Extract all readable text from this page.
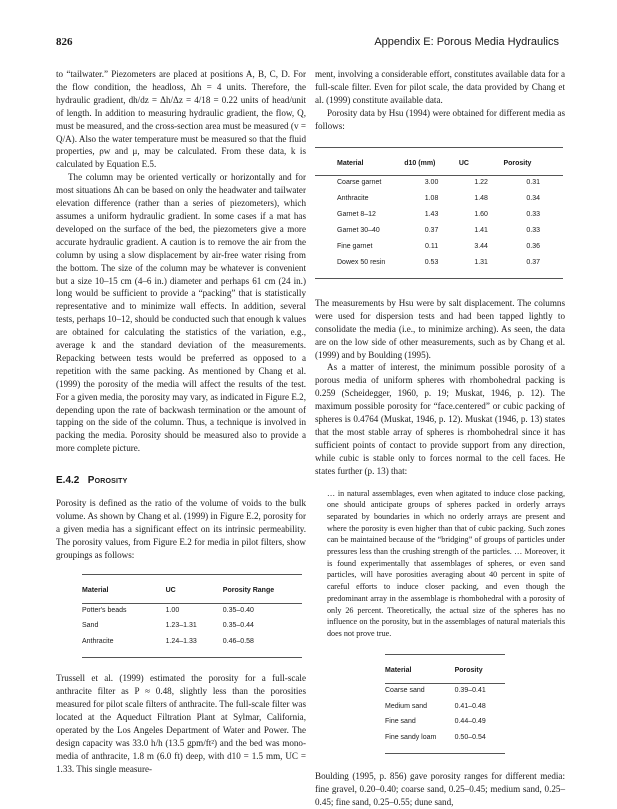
826	Appendix E: Porous Media Hydraulics

to “tailwater.” Piezometers are placed at positions A, B, C, D. For the flow condition, the headloss, Δh = 4 units. Therefore, the hydraulic gradient, dh/dz = Δh/Δz = 4/18 = 0.22 units of head/unit of length. In addition to measuring hydraulic gradient, the flow, Q, must be measured, and the cross-section area must be measured (v = Q/A). Also the water temperature must be measured so that the fluid properties, ρw and μ, may be calculated. From these data, k is calculated by Equation E.5.

The column may be oriented vertically or horizontally and for most situations Δh can be based on only the headwater and tailwater elevation difference (rather than a series of piezometers), which assumes a uniform hydraulic gradient. In some cases if a mat has developed on the surface of the bed, the piezometers give a more accurate hydraulic gradient. A caution is to remove the air from the column by using a slow displacement by air-free water rising from the bottom. The size of the column may be whatever is convenient but a size 10–15 cm (4–6 in.) diameter and perhaps 61 cm (24 in.) long would be sufficient to provide a “packing” that is statistically representative and to minimize wall effects. In addition, several tests, perhaps 10–12, should be conducted such that enough k values are obtained for calculating the statistics of the variation, e.g., average k and the standard deviation of the measurements. Repacking between tests would be preferred as opposed to a repetition with the same packing. As mentioned by Chang et al. (1999) the porosity of the media will affect the results of the test. For a given media, the porosity may vary, as indicated in Figure E.2, depending upon the rate of backwash termination or the amount of tapping on the side of the column. Thus, a technique is involved in packing the media. Porosity should be measured also to provide a more complete picture.

E.4.2 Porosity

Porosity is defined as the ratio of the volume of voids to the bulk volume. As shown by Chang et al. (1999) in Figure E.2, porosity for a given media has a significant effect on its intrinsic permeability. The porosity values, from Figure E.2 for media in pilot filters, show groupings as follows:

Material	UC	Porosity Range
Potter's beads	1.00	0.35–0.40
Sand	1.23–1.31	0.35–0.44
Anthracite	1.24–1.33	0.46–0.58

Trussell et al. (1999) estimated the porosity for a full-scale anthracite filter as P ≈ 0.48, slightly less than the porosities measured for pilot scale filters of anthracite. The full-scale filter was located at the Aqueduct Filtration Plant at Sylmar, California, operated by the Los Angeles Department of Water and Power. The design capacity was 33.0 h/h (13.5 gpm/ft²) and the bed was mono-media of anthracite, 1.8 m (6.0 ft) deep, with d10 = 1.5 mm, UC = 1.33. This single measure-

ment, involving a considerable effort, constitutes available data for a full-scale filter. Even for pilot scale, the data provided by Chang et al. (1999) constitute available data.

Porosity data by Hsu (1994) were obtained for different media as follows:

Material	d10 (mm)	UC	Porosity
Coarse garnet	3.00	1.22	0.31
Anthracite	1.08	1.48	0.34
Garnet 8–12	1.43	1.60	0.33
Garnet 30–40	0.37	1.41	0.33
Fine garnet	0.11	3.44	0.36
Dowex 50 resin	0.53	1.31	0.37

The measurements by Hsu were by salt displacement. The columns were used for dispersion tests and had been tapped lightly to consolidate the media (i.e., to minimize arching). As seen, the data are on the low side of other measurements, such as by Chang et al. (1999) and by Boulding (1995).

As a matter of interest, the minimum possible porosity of a porous media of uniform spheres with rhombohedral packing is 0.259 (Scheidegger, 1960, p. 19; Muskat, 1946, p. 12). The maximum possible porosity for “face.centered” or cubic packing of spheres is 0.4764 (Muskat, 1946, p. 12). Muskat (1946, p. 13) states that the most stable array of spheres is rhombohedral since it has sufficient points of contact to provide support from any direction, while cubic is stable only to forces normal to the cell faces. He states further (p. 13) that:

… in natural assemblages, even when agitated to induce close packing, one should anticipate groups of spheres packed in orderly arrays separated by boundaries in which no orderly arrays are present and where the porosity is even higher than that of cubic packing. Such zones can be maintained because of the “bridging” of groups of particles under pressures less than the crushing strength of the particles. … Moreover, it is found experimentally that assemblages of spheres, or even sand particles, will have porosities averaging about 40 percent in spite of careful efforts to induce closer packing, and even though the predominant array in the assemblage is rhombohedral with a porosity of only 26 percent. Theoretically, the actual size of the spheres has no influence on the porosity, but in the assemblages of natural materials this does not prove true.

Material	Porosity
Coarse sand	0.39–0.41
Medium sand	0.41–0.48
Fine sand	0.44–0.49
Fine sandy loam	0.50–0.54

Boulding (1995, p. 856) gave porosity ranges for different media: fine gravel, 0.20–0.40; coarse sand, 0.25–0.45; medium sand, 0.25–0.45; fine sand, 0.25–0.55; dune sand,
